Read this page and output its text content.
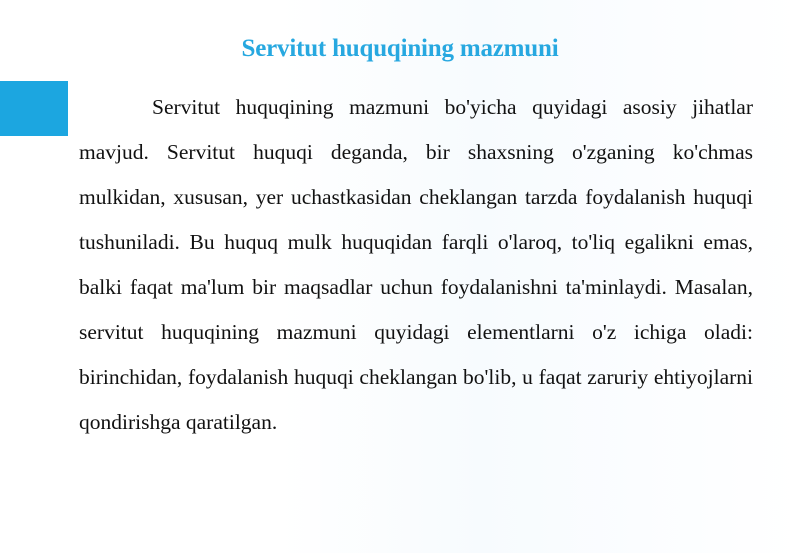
Servitut huquqining mazmuni

Servitut huquqining mazmuni bo'yicha quyidagi asosiy jihatlar mavjud. Servitut huquqi deganda, bir shaxsning o'zganing ko'chmas mulkidan, xususan, yer uchastkasidan cheklangan tarzda foydalanish huquqi tushuniladi. Bu huquq mulk huquqidan farqli o'laroq, to'liq egalikni emas, balki faqat ma'lum bir maqsadlar uchun foydalanishni ta'minlaydi. Masalan, servitut huquqining mazmuni quyidagi elementlarni o'z ichiga oladi: birinchidan, foydalanish huquqi cheklangan bo'lib, u faqat zaruriy ehtiyojlarni qondirishga qaratilgan.
